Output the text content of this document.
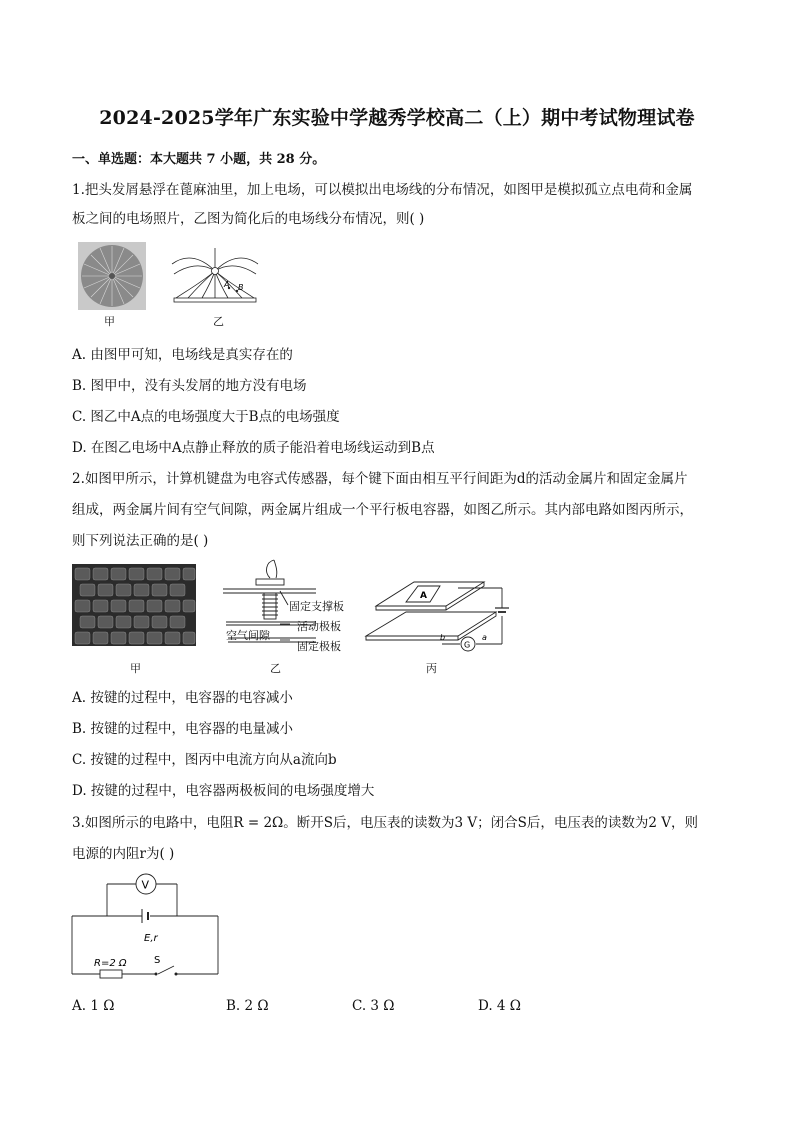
2024-2025学年广东实验中学越秀学校高二（上）期中考试物理试卷
一、单选题：本大题共 7 小题，共 28 分。
1.把头发屑悬浮在蓖麻油里，加上电场，可以模拟出电场线的分布情况，如图甲是模拟孤立点电荷和金属
板之间的电场照片，乙图为简化后的电场线分布情况，则( )
甲
A B
乙
A. 由图甲可知，电场线是真实存在的
B. 图甲中，没有头发屑的地方没有电场
C. 图乙中A点的电场强度大于B点的电场强度
D. 在图乙电场中A点静止释放的质子能沿着电场线运动到B点
2.如图甲所示，计算机键盘为电容式传感器，每个键下面由相互平行间距为d的活动金属片和固定金属片
组成，两金属片间有空气间隙，两金属片组成一个平行板电容器，如图乙所示。其内部电路如图丙所示，
则下列说法正确的是( )
甲
固定支撑板
空气间隙
活动极板
固定极板
乙
G
A
b	a
丙
A. 按键的过程中，电容器的电容减小
B. 按键的过程中，电容器的电量减小
C. 按键的过程中，图丙中电流方向从a流向b
D. 按键的过程中，电容器两极板间的电场强度增大
3.如图所示的电路中，电阻R = 2Ω。断开S后，电压表的读数为3 V；闭合S后，电压表的读数为2 V，则
电源的内阻r为( )
V
E,r
R=2 Ω	S
A. 1 Ω	B. 2 Ω	C. 3 Ω	D. 4 Ω
